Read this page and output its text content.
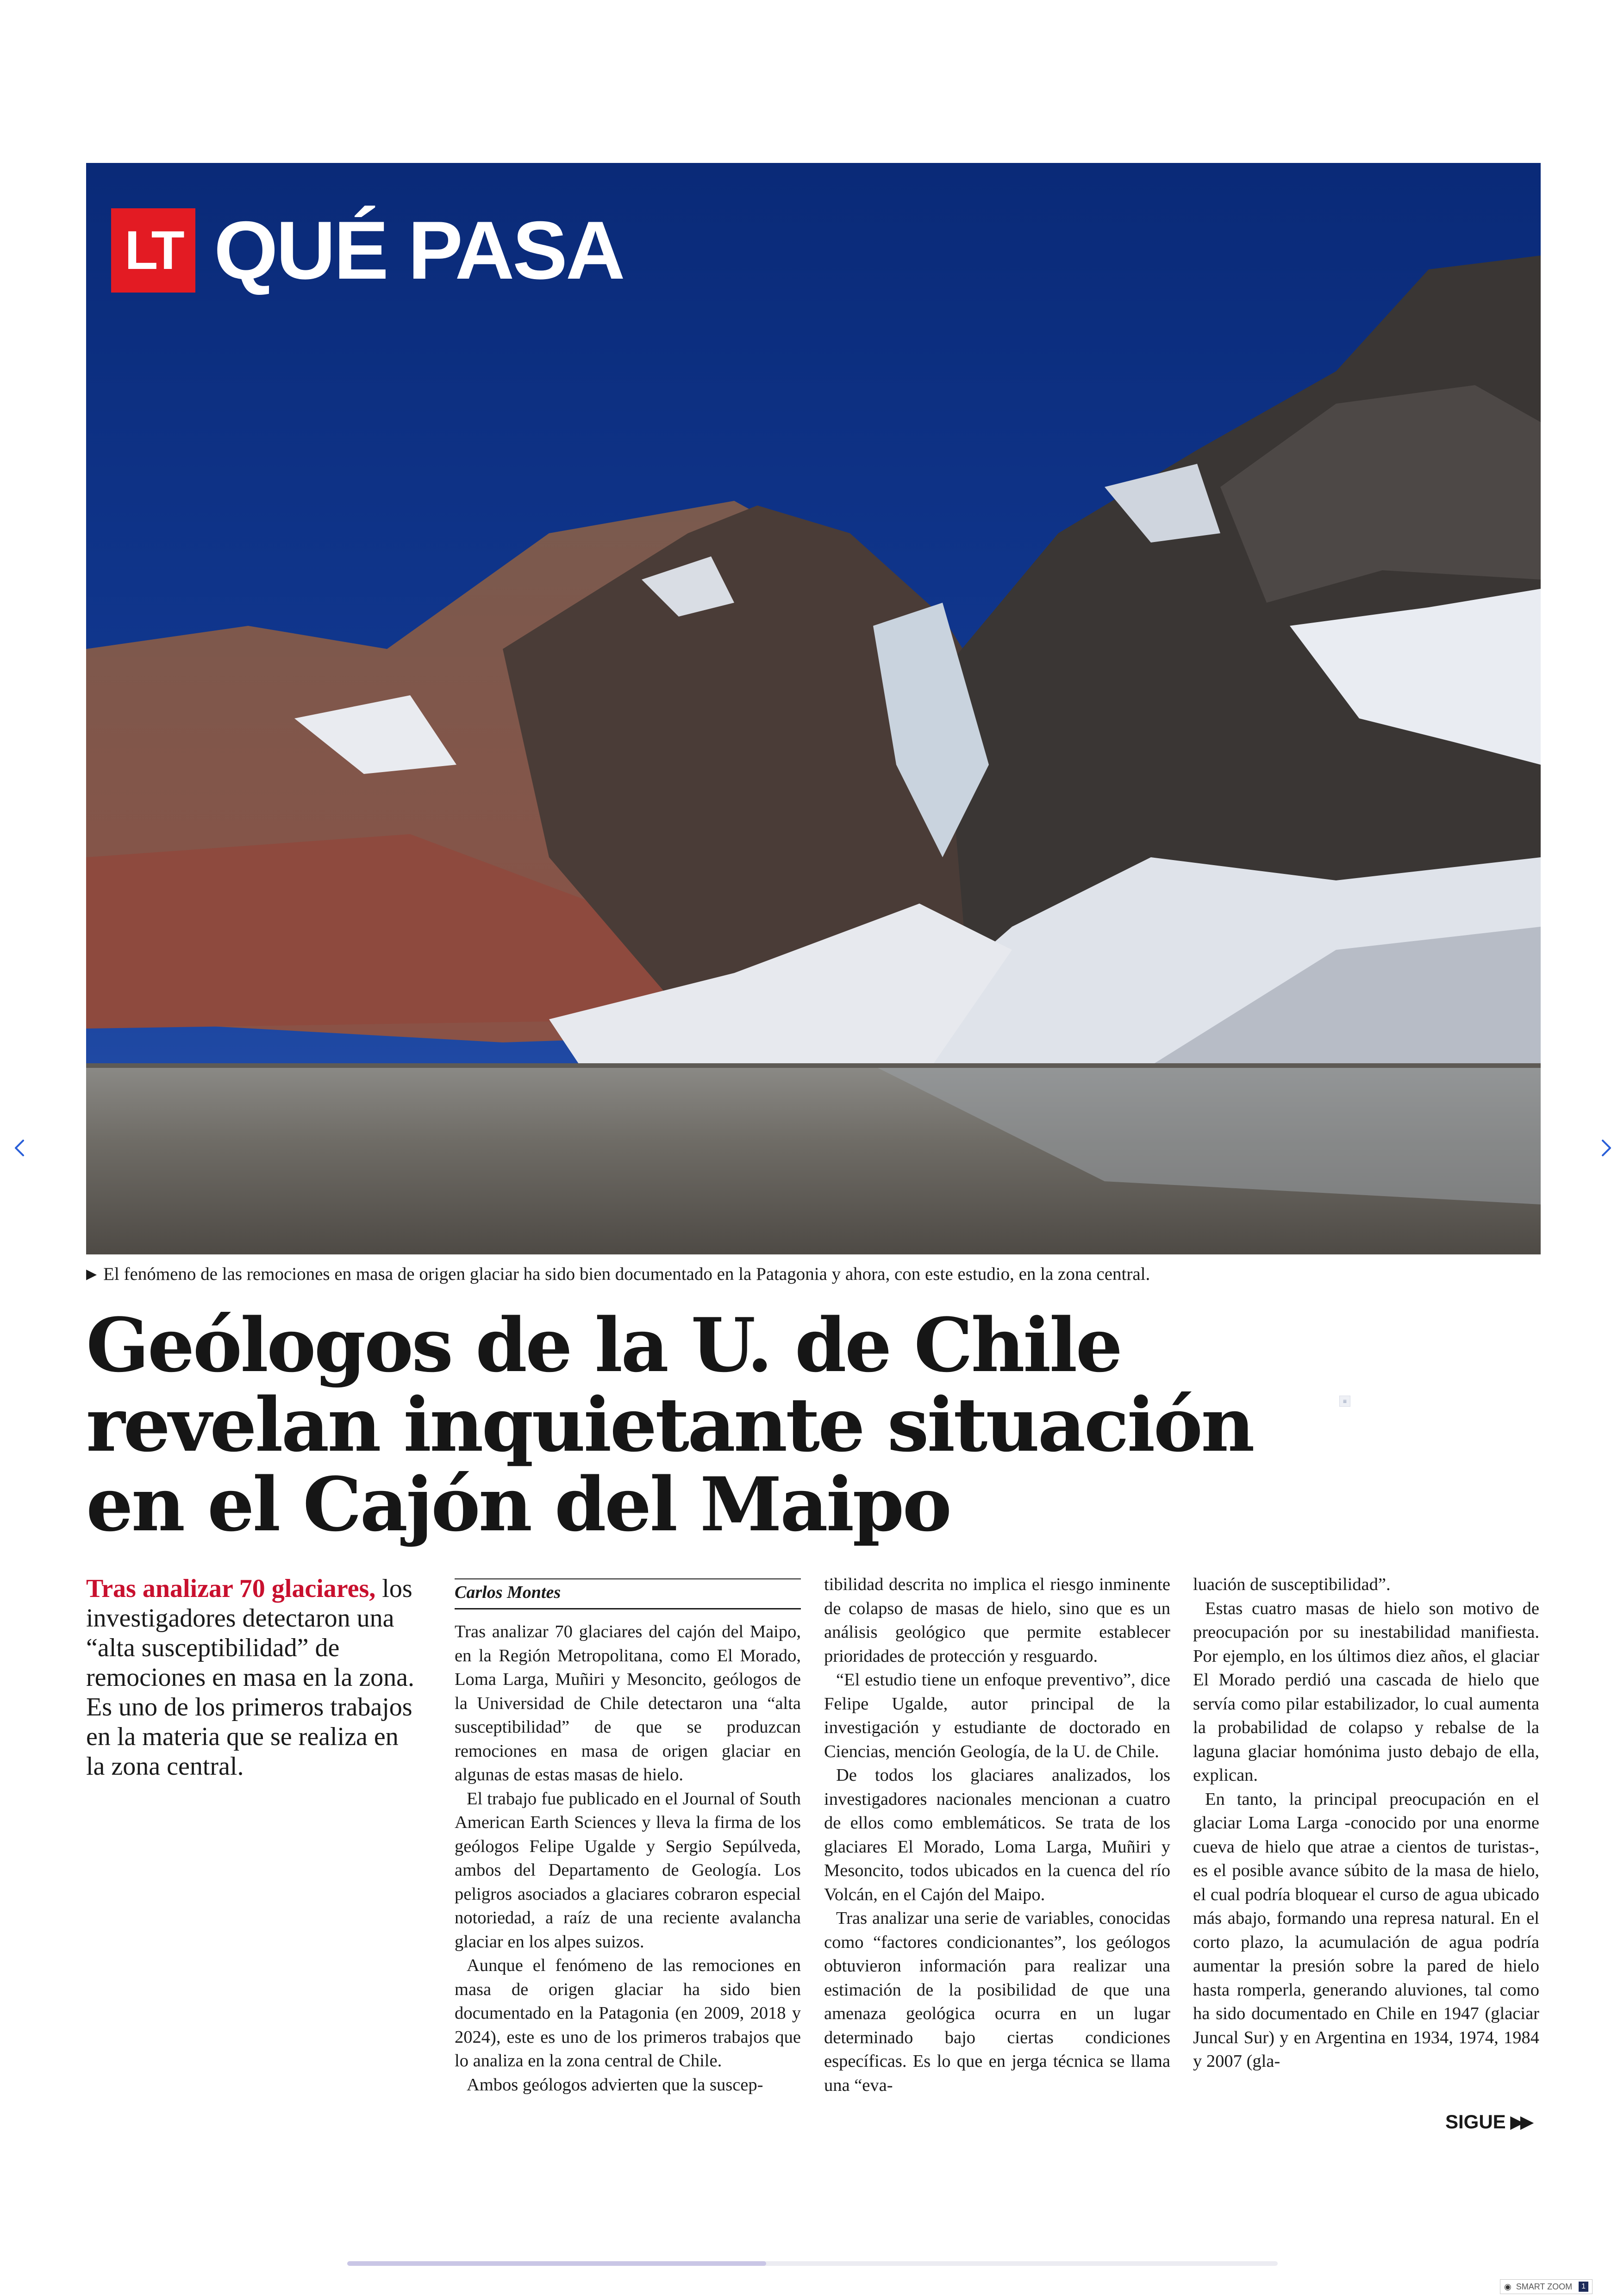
LT QUÉ PASA
▶ El fenómeno de las remociones en masa de origen glaciar ha sido bien documentado en la Patagonia y ahora, con este estudio, en la zona central.
Geólogos de la U. de Chile
revelan inquietante situación
en el Cajón del Maipo
≡
Tras analizar 70 glaciares, los investigadores detectaron una “alta susceptibilidad” de remociones en masa en la zona. Es uno de los primeros trabajos en la materia que se realiza en la zona central.
Carlos Montes

Tras analizar 70 glaciares del cajón del Maipo, en la Región Metropolitana, como El Morado, Loma Larga, Muñiri y Mesoncito, geólogos de la Universidad de Chile detectaron una “alta susceptibilidad” de que se produzcan remociones en masa de origen glaciar en algunas de estas masas de hielo.

El trabajo fue publicado en el Journal of South American Earth Sciences y lleva la firma de los geólogos Felipe Ugalde y Sergio Sepúlveda, ambos del Departamento de Geología. Los peligros asociados a glaciares cobraron especial notoriedad, a raíz de una reciente avalancha glaciar en los alpes suizos.

Aunque el fenómeno de las remociones en masa de origen glaciar ha sido bien documentado en la Patagonia (en 2009, 2018 y 2024), este es uno de los primeros trabajos que lo analiza en la zona central de Chile.

Ambos geólogos advierten que la suscep-

tibilidad descrita no implica el riesgo inminente de colapso de masas de hielo, sino que es un análisis geológico que permite establecer prioridades de protección y resguardo.

“El estudio tiene un enfoque preventivo”, dice Felipe Ugalde, autor principal de la investigación y estudiante de doctorado en Ciencias, mención Geología, de la U. de Chile.

De todos los glaciares analizados, los investigadores nacionales mencionan a cuatro de ellos como emblemáticos. Se trata de los glaciares El Morado, Loma Larga, Muñiri y Mesoncito, todos ubicados en la cuenca del río Volcán, en el Cajón del Maipo.

Tras analizar una serie de variables, conocidas como “factores condicionantes”, los geólogos obtuvieron información para realizar una estimación de la posibilidad de que una amenaza geológica ocurra en un lugar determinado bajo ciertas condiciones específicas. Es lo que en jerga técnica se llama una “eva-

luación de susceptibilidad”.

Estas cuatro masas de hielo son motivo de preocupación por su inestabilidad manifiesta. Por ejemplo, en los últimos diez años, el glaciar El Morado perdió una cascada de hielo que servía como pilar estabilizador, lo cual aumenta la probabilidad de colapso y rebalse de la laguna glaciar homónima justo debajo de ella, explican.

En tanto, la principal preocupación en el glaciar Loma Larga -conocido por una enorme cueva de hielo que atrae a cientos de turistas-, es el posible avance súbito de la masa de hielo, el cual podría bloquear el curso de agua ubicado más abajo, formando una represa natural. En el corto plazo, la acumulación de agua podría aumentar la presión sobre la pared de hielo hasta romperla, generando aluviones, tal como ha sido documentado en Chile en 1947 (glaciar Juncal Sur) y en Argentina en 1934, 1974, 1984 y 2007 (gla-

SIGUE ▶▶
◉ SMART ZOOM	1
